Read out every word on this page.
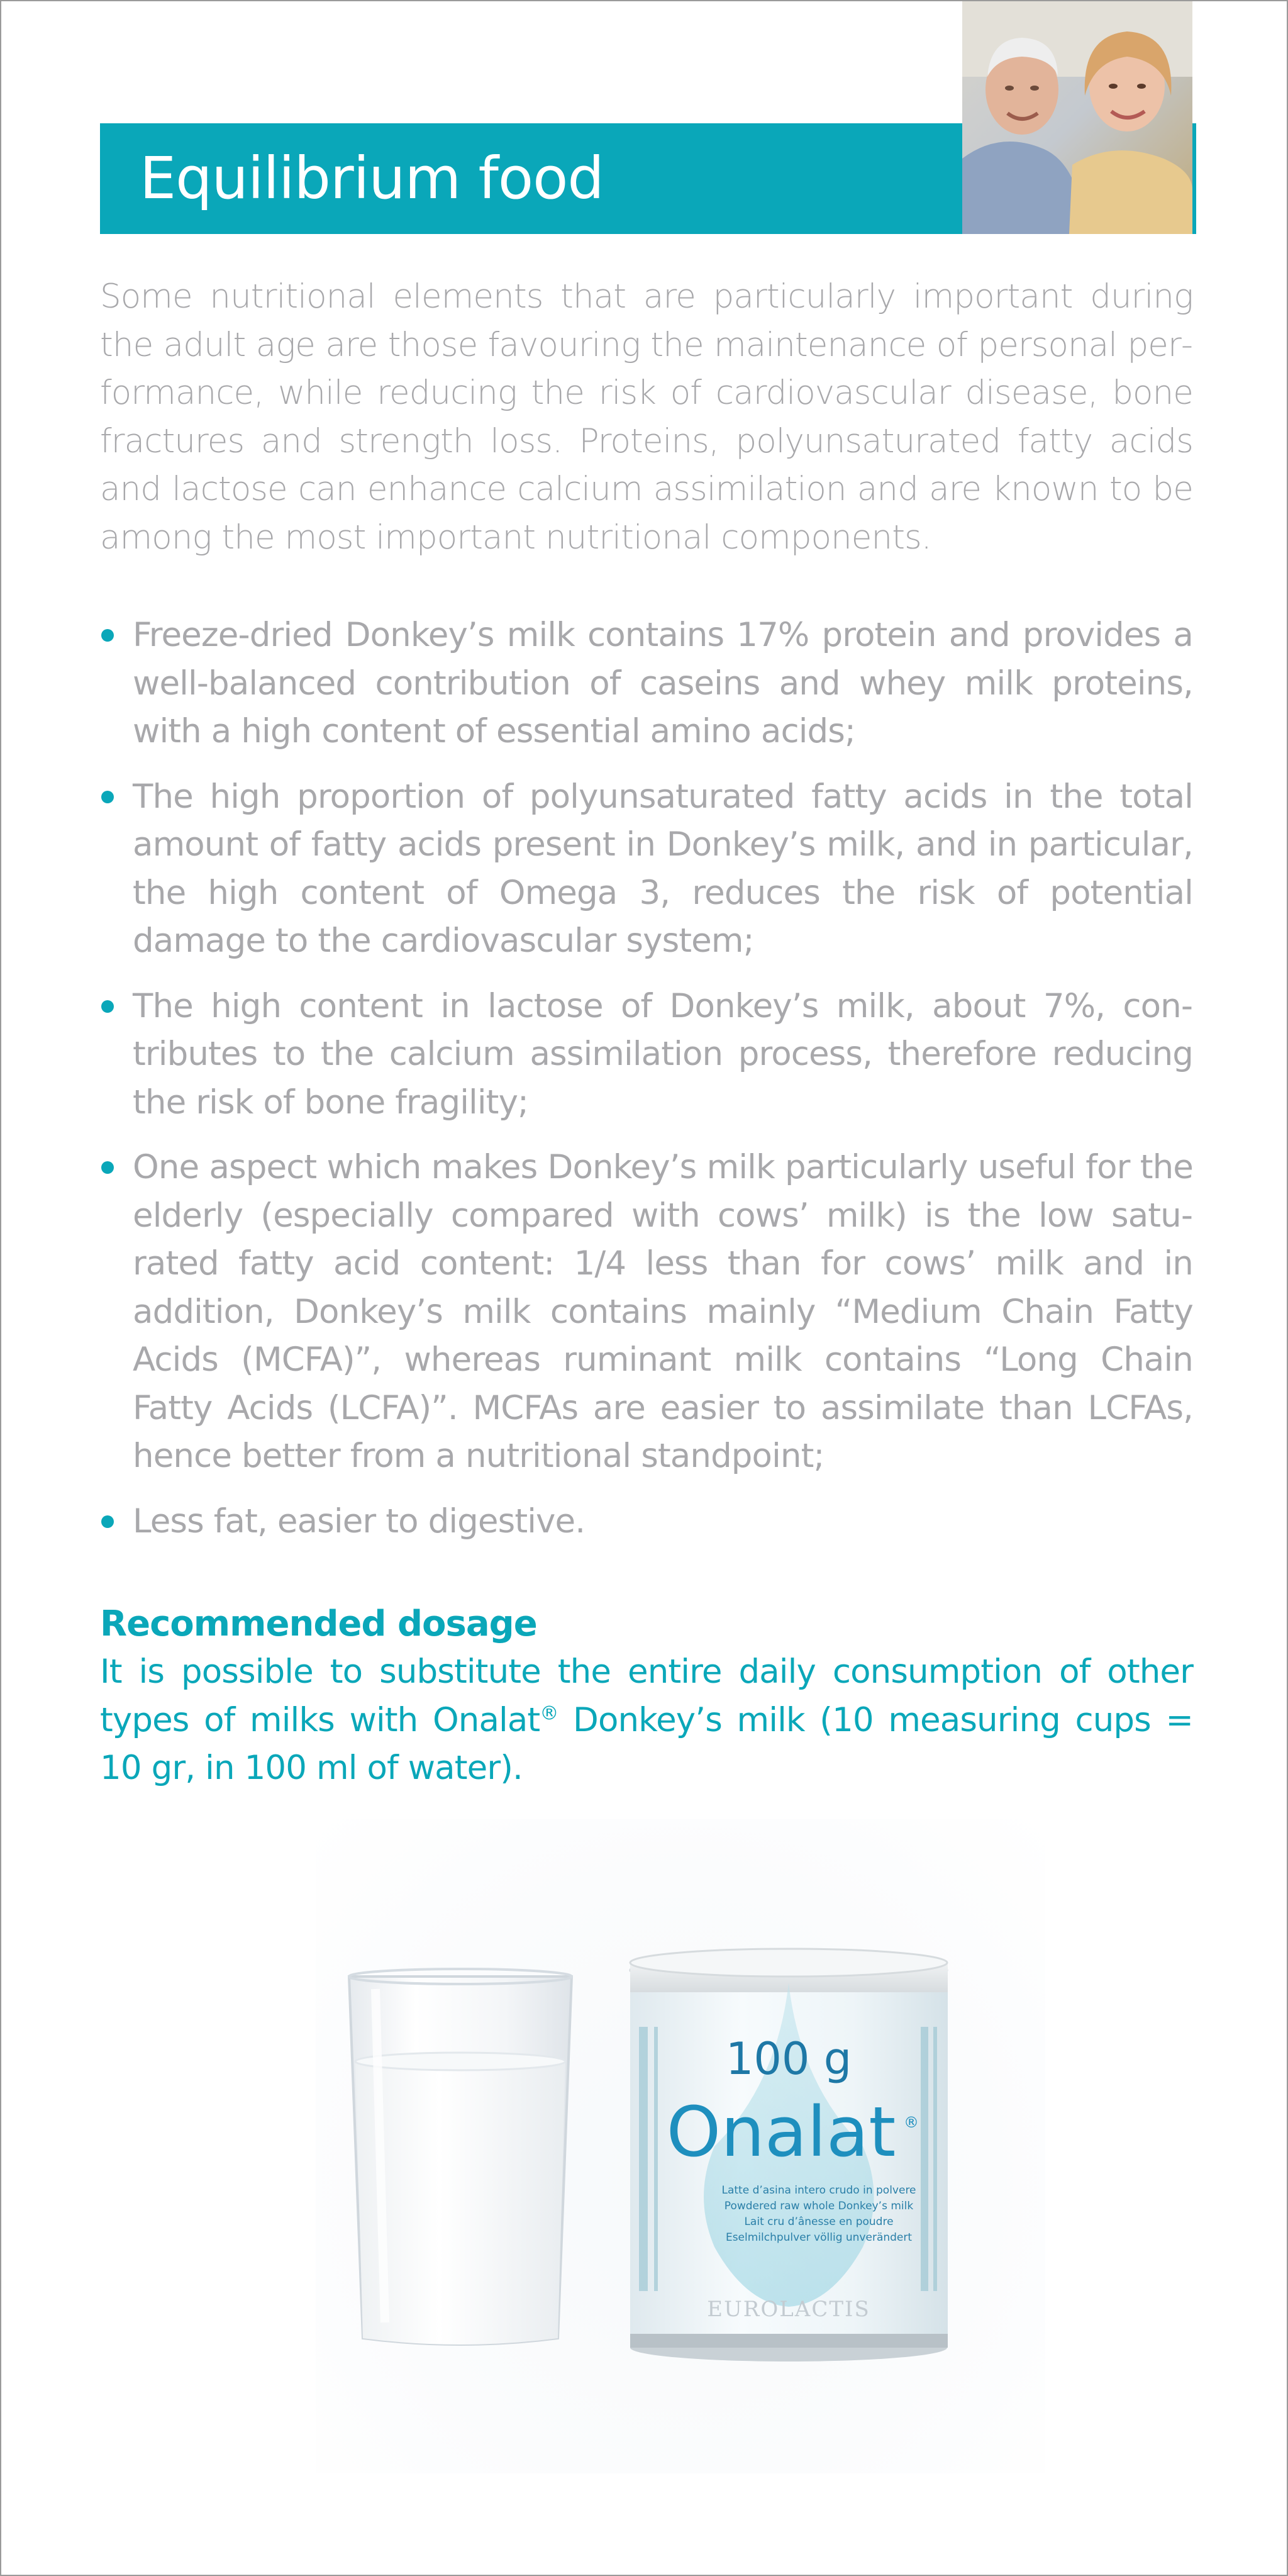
Equilibrium food
Some nutritional elements that are particularly important during the adult age are those favouring the maintenance of personal performance, while reducing the risk of cardiovascular disease, bone fractures and strength loss. Proteins, polyunsaturated fatty acids and lactose can enhance calcium assimilation and are known to be among the most important nutritional components.
Freeze-dried Donkey’s milk contains 17% protein and provides a well-balanced contribution of caseins and whey milk proteins, with a high content of essential amino acids;
The high proportion of polyunsaturated fatty acids in the total amount of fatty acids present in Donkey’s milk, and in particular, the high content of Omega 3, reduces the risk of potential damage to the cardiovascular system;
The high content in lactose of Donkey’s milk, about 7%, contributes to the calcium assimilation process, therefore reducing the risk of bone fragility;
One aspect which makes Donkey’s milk particularly useful for the elderly (especially compared with cows’ milk) is the low saturated fatty acid content: 1/4 less than for cows’ milk and in addition, Donkey’s milk contains mainly “Medium Chain Fatty Acids (MCFA)”, whereas ruminant milk contains “Long Chain Fatty Acids (LCFA)”. MCFAs are easier to assimilate than LCFAs, hence better from a nutritional standpoint;
Less fat, easier to digestive.
Recommended dosage
It is possible to substitute the entire daily consumption of other types of milks with Onalat® Donkey’s milk (10 measuring cups = 10 gr, in 100 ml of water).
100 g
Onalat ®
Latte d’asina intero crudo in polvere
Powdered raw whole Donkey’s milk
Lait cru d’ânesse en poudre
Eselmilchpulver völlig unverändert
EUROLACTIS
